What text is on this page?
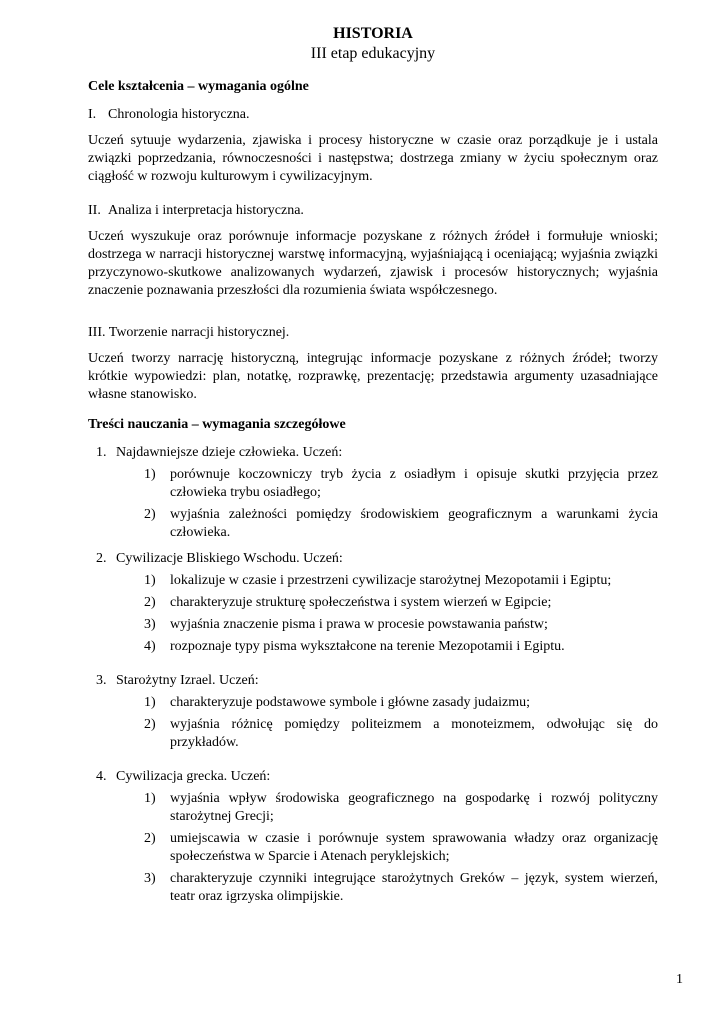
HISTORIA
III etap edukacyjny
Cele kształcenia – wymagania ogólne
I. Chronologia historyczna.
Uczeń sytuuje wydarzenia, zjawiska i procesy historyczne w czasie oraz porządkuje je i ustala związki poprzedzania, równoczesności i następstwa; dostrzega zmiany w życiu społecznym oraz ciągłość w rozwoju kulturowym i cywilizacyjnym.
II. Analiza i interpretacja historyczna.
Uczeń wyszukuje oraz porównuje informacje pozyskane z różnych źródeł i formułuje wnioski; dostrzega w narracji historycznej warstwę informacyjną, wyjaśniającą i oceniającą; wyjaśnia związki przyczynowo-skutkowe analizowanych wydarzeń, zjawisk i procesów historycznych; wyjaśnia znaczenie poznawania przeszłości dla rozumienia świata współczesnego.
III. Tworzenie narracji historycznej.
Uczeń tworzy narrację historyczną, integrując informacje pozyskane z różnych źródeł; tworzy krótkie wypowiedzi: plan, notatkę, rozprawkę, prezentację; przedstawia argumenty uzasadniające własne stanowisko.
Treści nauczania – wymagania szczegółowe
1. Najdawniejsze dzieje człowieka. Uczeń:
1)	porównuje koczowniczy tryb życia z osiadłym i opisuje skutki przyjęcia przez człowieka trybu osiadłego;
2)	wyjaśnia zależności pomiędzy środowiskiem geograficznym a warunkami życia człowieka.
2. Cywilizacje Bliskiego Wschodu. Uczeń:
1)	lokalizuje w czasie i przestrzeni cywilizacje starożytnej Mezopotamii i Egiptu;
2)	charakteryzuje strukturę społeczeństwa i system wierzeń w Egipcie;
3)	wyjaśnia znaczenie pisma i prawa w procesie powstawania państw;
4)	rozpoznaje typy pisma wykształcone na terenie Mezopotamii i Egiptu.
3. Starożytny Izrael. Uczeń:
1)	charakteryzuje podstawowe symbole i główne zasady judaizmu;
2)	wyjaśnia różnicę pomiędzy politeizmem a monoteizmem, odwołując się do przykładów.
4. Cywilizacja grecka. Uczeń:
1)	wyjaśnia wpływ środowiska geograficznego na gospodarkę i rozwój polityczny starożytnej Grecji;
2)	umiejscawia w czasie i porównuje system sprawowania władzy oraz organizację społeczeństwa w Sparcie i Atenach peryklejskich;
3)	charakteryzuje czynniki integrujące starożytnych Greków – język, system wierzeń, teatr oraz igrzyska olimpijskie.
1
